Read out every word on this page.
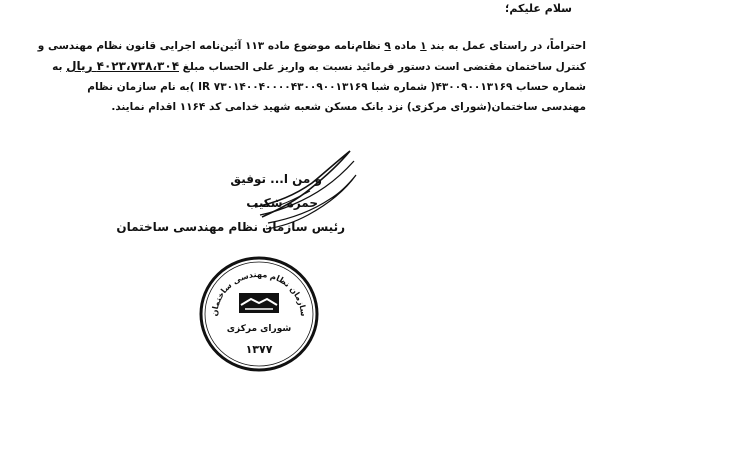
سلام علیکم؛
احتراماً، در راستای عمل به بند ۱ ماده ۹ نظام‌نامه موضوع ماده ۱۱۳ آئین‌نامه اجرایی قانون نظام مهندسی و
کنترل ساختمان مقتضی است دستور فرمائید نسبت به واریز علی الحساب مبلغ ۴۰۲۳،۷۳۸،۳۰۴ ریال به
شماره حساب ۴۳۰۰۹۰۰۱۳۱۶۹( شماره شبا IR ۷۳۰۱۴۰۰۴۰۰۰۰۴۳۰۰۹۰۰۱۳۱۶۹ )به نام سازمان نظام
مهندسی ساختمان(شورای مرکزی) نزد بانک مسکن شعبه شهید خدامی کد ۱۱۶۴ اقدام نمایند.
و من ا... توفیق
حمزه شکیب
رئیس سازمان نظام مهندسی ساختمان
سازمان نظام مهندسی ساختمان
شورای مرکزی
۱۳۷۷
